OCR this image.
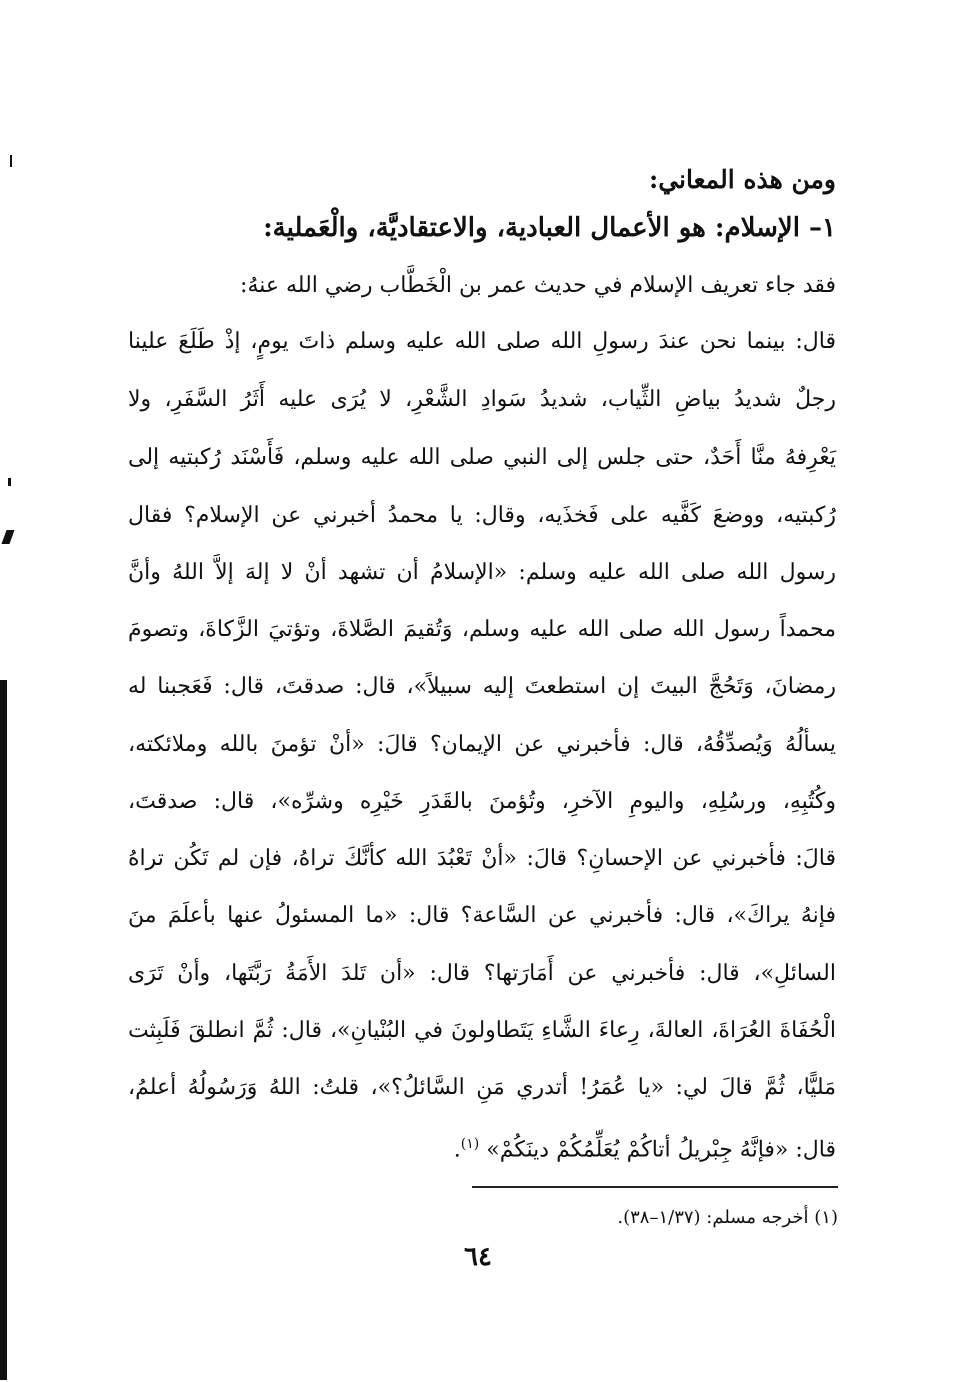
ومن هذه المعاني:
١– الإسلام: هو الأعمال العبادية، والاعتقاديَّة، والْعَملية:
فقد جاء تعريف الإسلام في حديث عمر بن الْخَطَّاب رضي الله عنهُ:
قال: بينما نحن عندَ رسولِ الله صلى الله عليه وسلم ذاتَ يومٍ، إذْ طَلَعَ علينا
رجلٌ شديدُ بياضِ الثِّياب، شديدُ سَوادِ الشَّعْرِ، لا يُرَى عليه أَثَرُ السَّفَرِ، ولا
يَعْرِفهُ منَّا أَحَدٌ، حتى جلس إلى النبي صلى الله عليه وسلم، فَأَسْنَد رُكبتيه إلى
رُكبتيه، ووضعَ كَفَّيه على فَخذَيه، وقال: يا محمدُ أخبرني عن الإسلام؟ فقال
رسول الله صلى الله عليه وسلم: «الإسلامُ أن تشهد أنْ لا إلهَ إلاَّ اللهُ وأنَّ
محمداً رسول الله صلى الله عليه وسلم، وَتُقيمَ الصَّلاةَ، وتؤتيَ الزَّكاةَ، وتصومَ
رمضانَ، وَتَحُجَّ البيتَ إن استطعتَ إليه سبيلاً»، قال: صدقتَ، قال: فَعَجبنا له
يسألُهُ وَيُصدِّقُهُ، قال: فأخبرني عن الإيمان؟ قالَ: «أنْ تؤمنَ بالله وملائكته،
وكُتُبِهِ، ورسُلِهِ، واليومِ الآخرِ، وتُؤمنَ بالقَدَرِ خَيْرِه وشرِّه»، قال: صدقتَ،
قالَ: فأخبرني عن الإحسانِ؟ قالَ: «أنْ تَعْبُدَ الله كأنَّكَ تراهُ، فإن لم تَكُن تراهُ
فإنهُ يراكَ»، قال: فأخبرني عن السَّاعة؟ قال: «ما المسئولُ عنها بأعلَمَ منَ
السائلِ»، قال: فأخبرني عن أَمَارَتها؟ قال: «أن تَلدَ الأَمَةُ رَبَّتَها، وأنْ تَرَى
الْحُفَاةَ العُرَاةَ، العالةَ، رِعاءَ الشَّاءِ يَتَطاولونَ في البُنْيانِ»، قال: ثُمَّ انطلقَ فَلَبِثت
مَليًّا، ثُمَّ قالَ لي: «يا عُمَرُ! أتدري مَنِ السَّائلُ؟»، قلتُ: اللهُ وَرَسُولُهُ أعلمُ،
قال: «فإنَّهُ جِبْريلُ أتاكُمْ يُعَلِّمُكُمْ دينَكُمْ» $^{(١)}$.
(١) أخرجه مسلم: (١/٣٧–٣٨).
٦٤
